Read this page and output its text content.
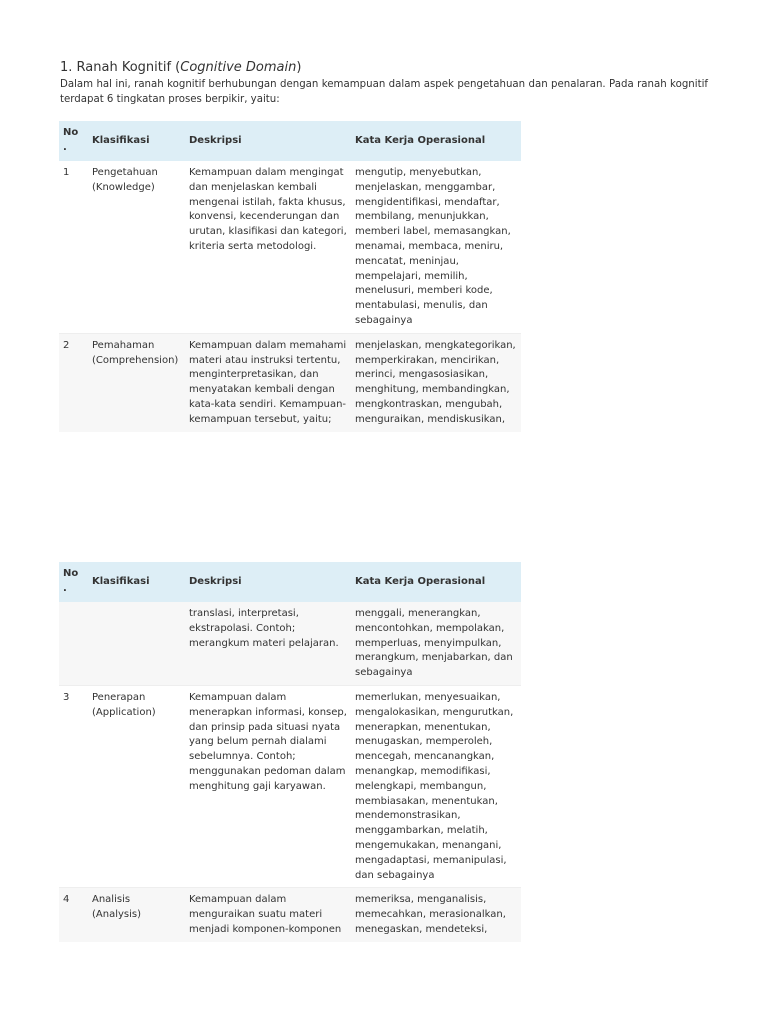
1. Ranah Kognitif (Cognitive Domain)

Dalam hal ini, ranah kognitif berhubungan dengan kemampuan dalam aspek pengetahuan dan penalaran. Pada ranah kognitif terdapat 6 tingkatan proses berpikir, yaitu:

No .	Klasifikasi	Deskripsi	Kata Kerja Operasional
1	Pengetahuan (Knowledge)	Kemampuan dalam mengingat dan menjelaskan kembali mengenai istilah, fakta khusus, konvensi, kecenderungan dan urutan, klasifikasi dan kategori, kriteria serta metodologi.	mengutip, menyebutkan, menjelaskan, menggambar, mengidentifikasi, mendaftar, membilang, menunjukkan, memberi label, memasangkan, menamai, membaca, meniru, mencatat, meninjau, mempelajari, memilih, menelusuri, memberi kode, mentabulasi, menulis, dan sebagainya
2	Pemahaman (Comprehension)	Kemampuan dalam memahami materi atau instruksi tertentu, menginterpretasikan, dan menyatakan kembali dengan kata-kata sendiri. Kemampuan-kemampuan tersebut, yaitu;	menjelaskan, mengkategorikan, memperkirakan, mencirikan, merinci, mengasosiasikan, menghitung, membandingkan, mengkontraskan, mengubah, menguraikan, mendiskusikan,
No .	Klasifikasi	Deskripsi	Kata Kerja Operasional
		translasi, interpretasi, ekstrapolasi. Contoh; merangkum materi pelajaran.	menggali, menerangkan, mencontohkan, mempolakan, memperluas, menyimpulkan, merangkum, menjabarkan, dan sebagainya
3	Penerapan (Application)	Kemampuan dalam menerapkan informasi, konsep, dan prinsip pada situasi nyata yang belum pernah dialami sebelumnya. Contoh; menggunakan pedoman dalam menghitung gaji karyawan.	memerlukan, menyesuaikan, mengalokasikan, mengurutkan, menerapkan, menentukan, menugaskan, memperoleh, mencegah, mencanangkan, menangkap, memodifikasi, melengkapi, membangun, membiasakan, menentukan, mendemonstrasikan, menggambarkan, melatih, mengemukakan, menangani, mengadaptasi, memanipulasi, dan sebagainya
4	Analisis (Analysis)	Kemampuan dalam menguraikan suatu materi menjadi komponen-komponen	memeriksa, menganalisis, memecahkan, merasionalkan, menegaskan, mendeteksi,
